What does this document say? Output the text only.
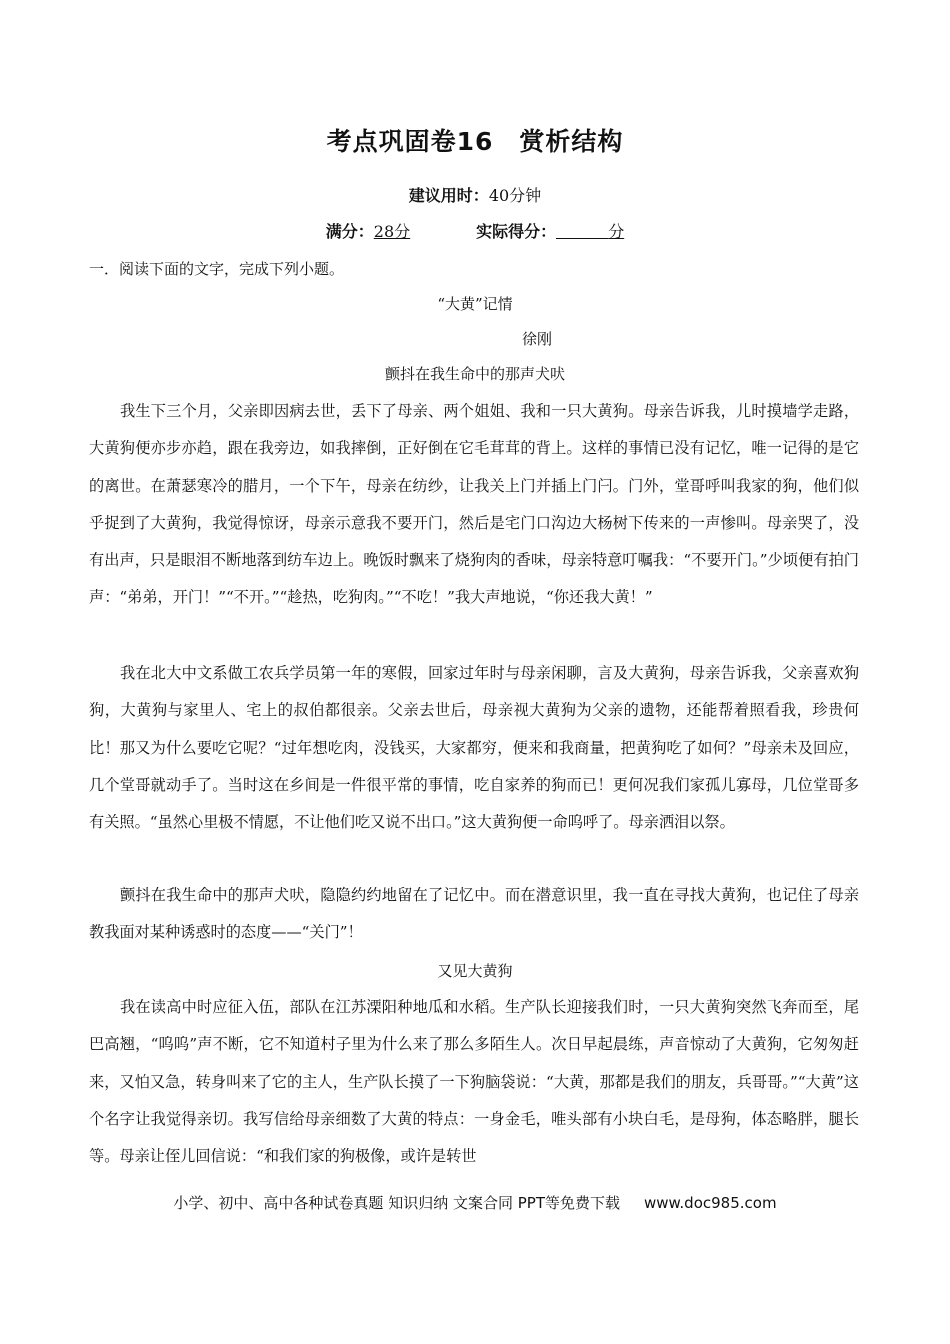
考点巩固卷16 赏析结构
建议用时：40分钟
满分：28分	实际得分：	分
一．阅读下面的文字，完成下列小题。
“大黄”记情
徐刚
颤抖在我生命中的那声犬吠

我生下三个月，父亲即因病去世，丢下了母亲、两个姐姐、我和一只大黄狗。母亲告诉我，儿时摸墙学走路，大黄狗便亦步亦趋，跟在我旁边，如我摔倒，正好倒在它毛茸茸的背上。这样的事情已没有记忆，唯一记得的是它的离世。在萧瑟寒冷的腊月，一个下午，母亲在纺纱，让我关上门并插上门闩。门外，堂哥呼叫我家的狗，他们似乎捉到了大黄狗，我觉得惊讶，母亲示意我不要开门，然后是宅门口沟边大杨树下传来的一声惨叫。母亲哭了，没有出声，只是眼泪不断地落到纺车边上。晚饭时飘来了烧狗肉的香味，母亲特意叮嘱我：“不要开门。”少顷便有拍门声：“弟弟，开门！”“不开。”“趁热，吃狗肉。”“不吃！”我大声地说，“你还我大黄！”

我在北大中文系做工农兵学员第一年的寒假，回家过年时与母亲闲聊，言及大黄狗，母亲告诉我，父亲喜欢狗狗，大黄狗与家里人、宅上的叔伯都很亲。父亲去世后，母亲视大黄狗为父亲的遗物，还能帮着照看我，珍贵何比！那又为什么要吃它呢？“过年想吃肉，没钱买，大家都穷，便来和我商量，把黄狗吃了如何？”母亲未及回应，几个堂哥就动手了。当时这在乡间是一件很平常的事情，吃自家养的狗而已！更何况我们家孤儿寡母，几位堂哥多有关照。“虽然心里极不情愿，不让他们吃又说不出口。”这大黄狗便一命呜呼了。母亲洒泪以祭。

颤抖在我生命中的那声犬吠，隐隐约约地留在了记忆中。而在潜意识里，我一直在寻找大黄狗，也记住了母亲教我面对某种诱惑时的态度——“关门”！

又见大黄狗

我在读高中时应征入伍，部队在江苏溧阳种地瓜和水稻。生产队长迎接我们时，一只大黄狗突然飞奔而至，尾巴高翘，“呜呜”声不断，它不知道村子里为什么来了那么多陌生人。次日早起晨练，声音惊动了大黄狗，它匆匆赶来，又怕又急，转身叫来了它的主人，生产队长摸了一下狗脑袋说：“大黄，那都是我们的朋友，兵哥哥。”“大黄”这个名字让我觉得亲切。我写信给母亲细数了大黄的特点：一身金毛，唯头部有小块白毛，是母狗，体态略胖，腿长等。母亲让侄儿回信说：“和我们家的狗极像，或许是转世

小学、初中、高中各种试卷真题 知识归纳 文案合同 PPT等免费下载 www.doc985.com
